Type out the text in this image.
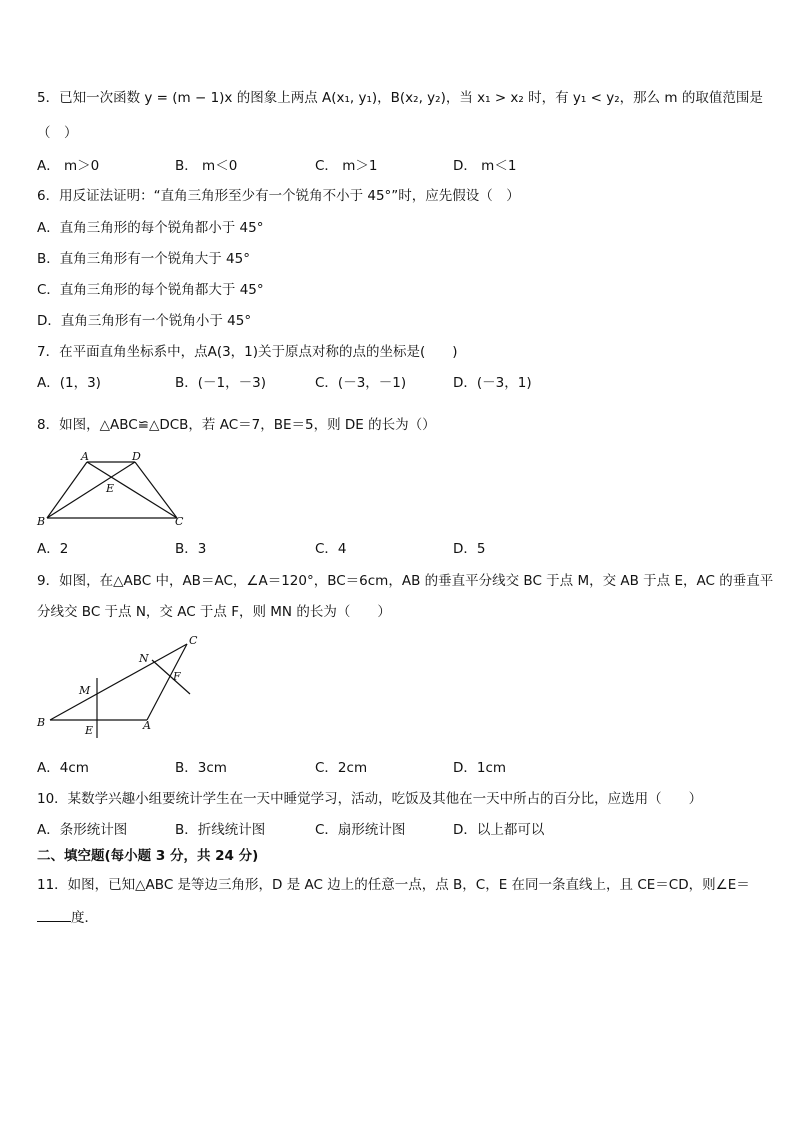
5．已知一次函数 y = (m − 1)x 的图象上两点 A(x₁, y₁)，B(x₂, y₂)，当 x₁ > x₂ 时，有 y₁ < y₂，那么 m 的取值范围是
（　）
A． m＞0	B． m＜0	C． m＞1	D． m＜1
6．用反证法证明：“直角三角形至少有一个锐角不小于 45°”时，应先假设（　）
A．直角三角形的每个锐角都小于 45°
B．直角三角形有一个锐角大于 45°
C．直角三角形的每个锐角都大于 45°
D．直角三角形有一个锐角小于 45°
7．在平面直角坐标系中，点A(3，1)关于原点对称的点的坐标是(　　)
A．(1，3)	B．(－1，－3)	C．(－3，－1)	D．(－3，1)
8．如图，△ABC≌△DCB，若 AC＝7，BE＝5，则 DE 的长为（）
A	D
E
B	C
A．2	B．3	C．4	D．5
9．如图，在△ABC 中，AB＝AC，∠A＝120°，BC＝6cm，AB 的垂直平分线交 BC 于点 M，交 AB 于点 E，AC 的垂直平
分线交 BC 于点 N，交 AC 于点 F，则 MN 的长为（　　）
C
N
F
M
B
E	A
A．4cm	B．3cm	C．2cm	D．1cm
10．某数学兴趣小组要统计学生在一天中睡觉学习，活动，吃饭及其他在一天中所占的百分比，应选用（　　）
A．条形统计图	B．折线统计图	C．扇形统计图	D．以上都可以
二、填空题(每小题 3 分，共 24 分)
11．如图，已知△ABC 是等边三角形，D 是 AC 边上的任意一点，点 B，C，E 在同一条直线上，且 CE＝CD，则∠E＝
度．
